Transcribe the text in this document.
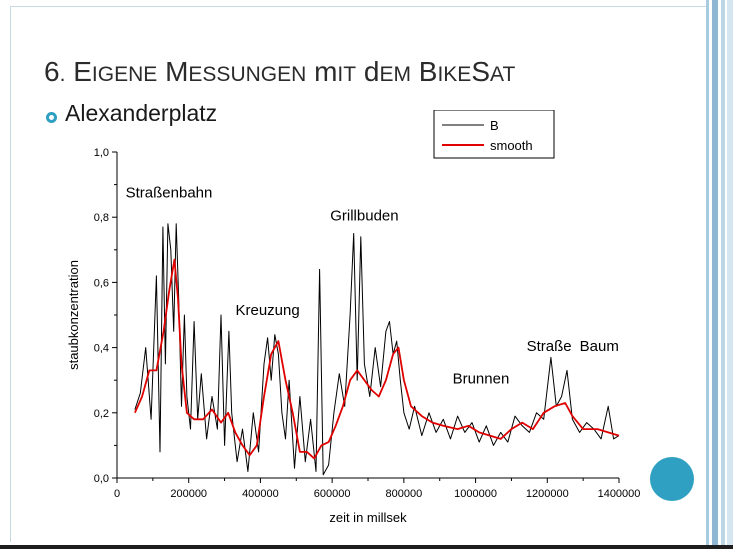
6. EIGENE MESSUNGEN mIT dEM BIKESAT
Alexanderplatz
0,0
0,2
0,4
0,6
0,8
1,0
0	200000	400000	600000	800000	1000000	1200000	1400000
zeit in millsek
staubkonzentration
Straßenbahn
Kreuzung
Grillbuden
Brunnen
Straße Baum
B
smooth
